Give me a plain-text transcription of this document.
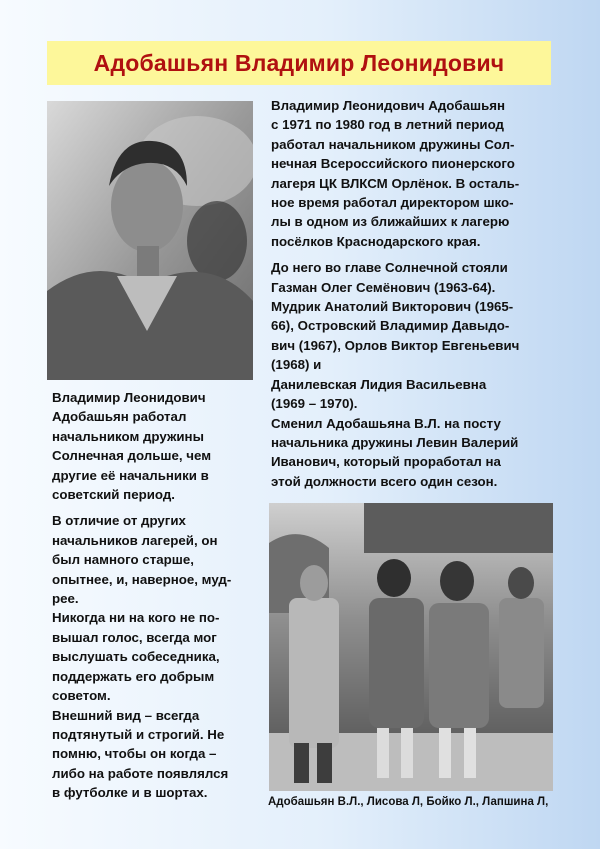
Адобашьян Владимир Леонидович

Владимир Леонидович Адобашьян
с 1971 по 1980 год в летний период
работал начальником дружины Сол-
нечная Всероссийского пионерского
лагеря ЦК ВЛКСМ Орлёнок. В осталь-
ное время работал директором шко-
лы в одном из ближайших к лагерю
посёлков Краснодарского края.

До него во главе Солнечной стояли
Газман Олег Семёнович (1963-64).
Мудрик Анатолий Викторович (1965-
66), Островский Владимир Давыдо-
вич (1967), Орлов Виктор Евгеньевич
(1968) и
Данилевская Лидия Васильевна
(1969 – 1970).
Сменил Адобашьяна В.Л. на посту
начальника дружины Левин Валерий
Иванович, который проработал на
этой должности всего один сезон.

Владимир Леонидович
Адобашьян работал
начальником дружины
Солнечная дольше, чем
другие её начальники в
советский период.

В отличие от других
начальников лагерей, он
был намного старше,
опытнее, и, наверное, муд-
рее.
Никогда ни на кого не по-
вышал голос, всегда мог
выслушать собеседника,
поддержать его добрым
советом.
Внешний вид – всегда
подтянутый и строгий. Не
помню, чтобы он когда –
либо на работе появлялся
в футболке и в шортах.

Адобашьян В.Л., Лисова Л, Бойко Л., Лапшина Л,
